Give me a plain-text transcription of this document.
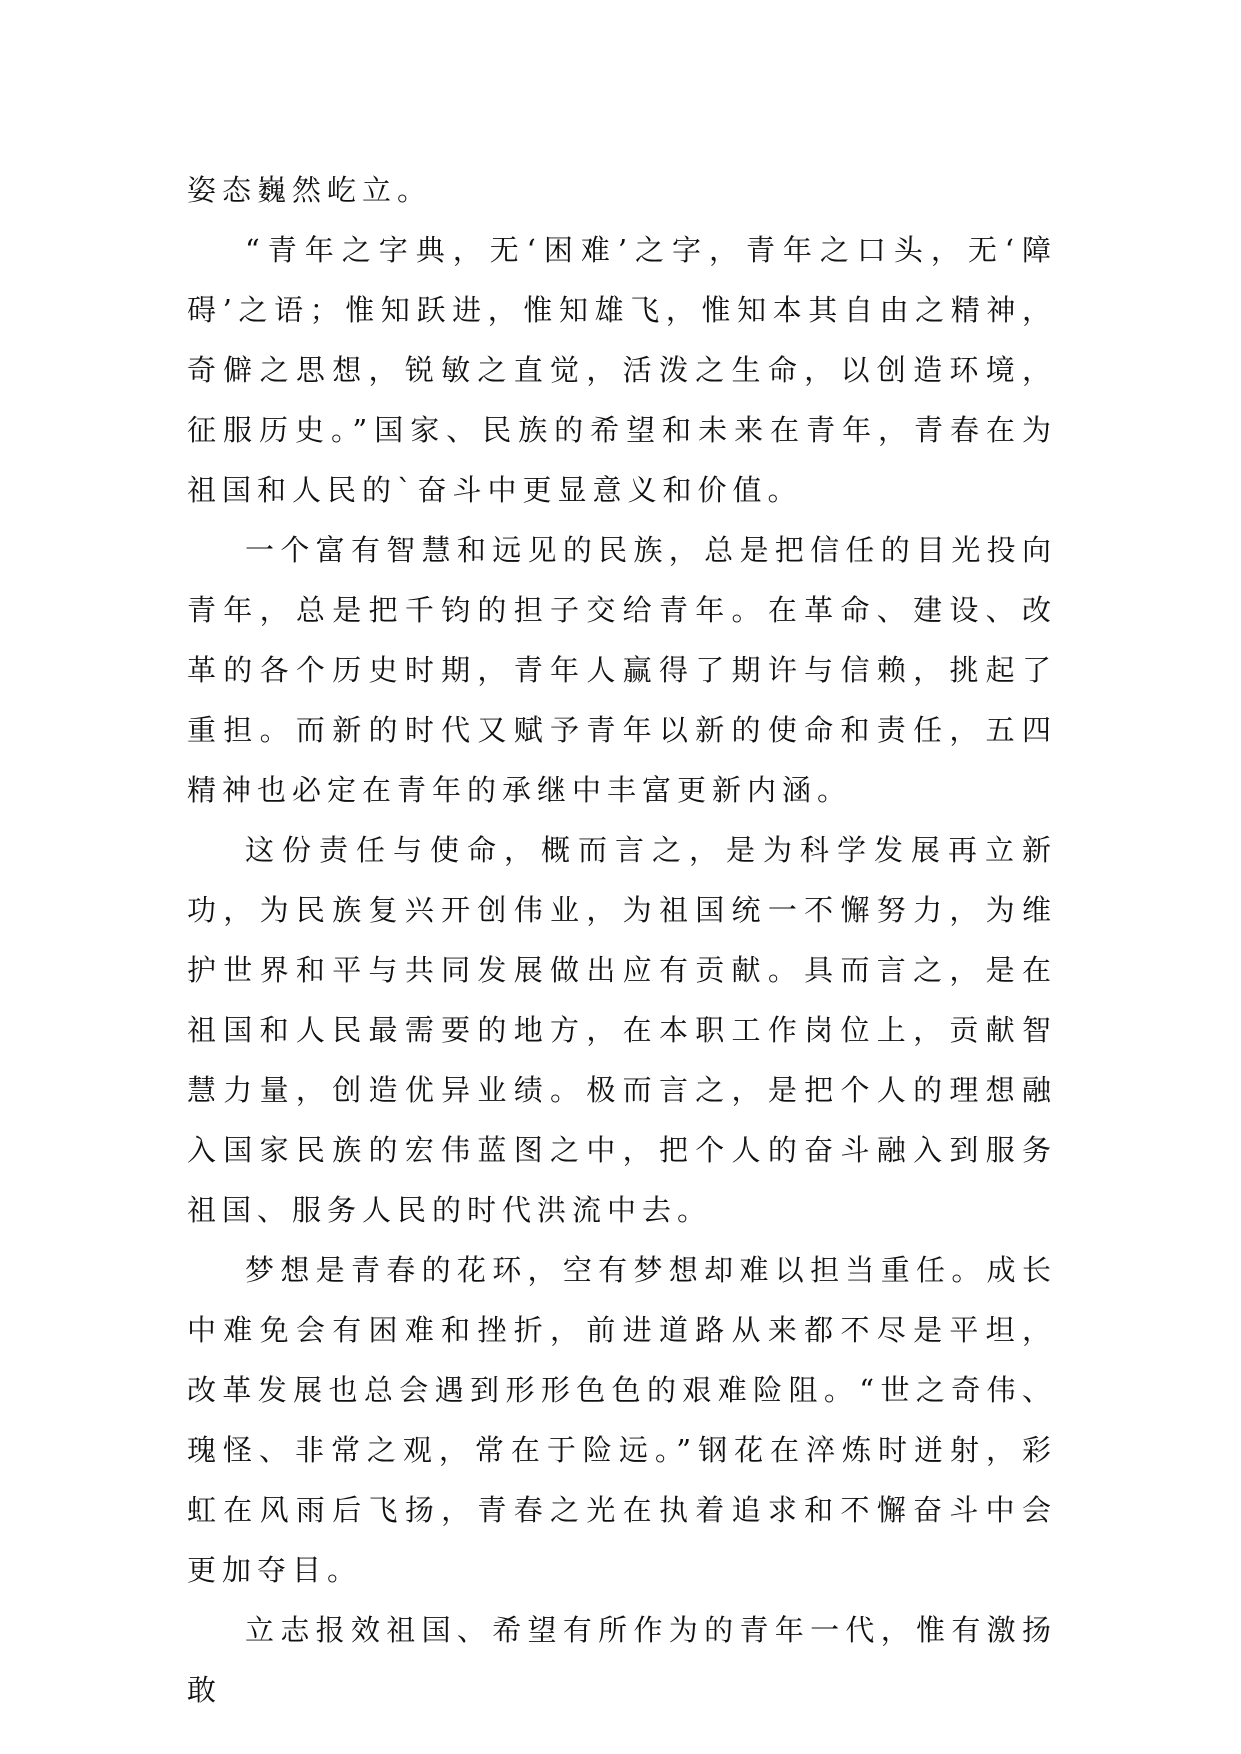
姿态巍然屹立。

“青年之字典，无‘困难’之字，青年之口头，无‘障碍’之语；惟知跃进，惟知雄飞，惟知本其自由之精神，奇僻之思想，锐敏之直觉，活泼之生命，以创造环境，征服历史。”国家、民族的希望和未来在青年，青春在为祖国和人民的`奋斗中更显意义和价值。

一个富有智慧和远见的民族，总是把信任的目光投向青年，总是把千钧的担子交给青年。在革命、建设、改革的各个历史时期，青年人赢得了期许与信赖，挑起了重担。而新的时代又赋予青年以新的使命和责任，五四精神也必定在青年的承继中丰富更新内涵。

这份责任与使命，概而言之，是为科学发展再立新功，为民族复兴开创伟业，为祖国统一不懈努力，为维护世界和平与共同发展做出应有贡献。具而言之，是在祖国和人民最需要的地方，在本职工作岗位上，贡献智慧力量，创造优异业绩。极而言之，是把个人的理想融入国家民族的宏伟蓝图之中，把个人的奋斗融入到服务祖国、服务人民的时代洪流中去。

梦想是青春的花环，空有梦想却难以担当重任。成长中难免会有困难和挫折，前进道路从来都不尽是平坦，改革发展也总会遇到形形色色的艰难险阻。“世之奇伟、瑰怪、非常之观，常在于险远。”钢花在淬炼时迸射，彩虹在风雨后飞扬，青春之光在执着追求和不懈奋斗中会更加夺目。

立志报效祖国、希望有所作为的青年一代，惟有激扬敢
